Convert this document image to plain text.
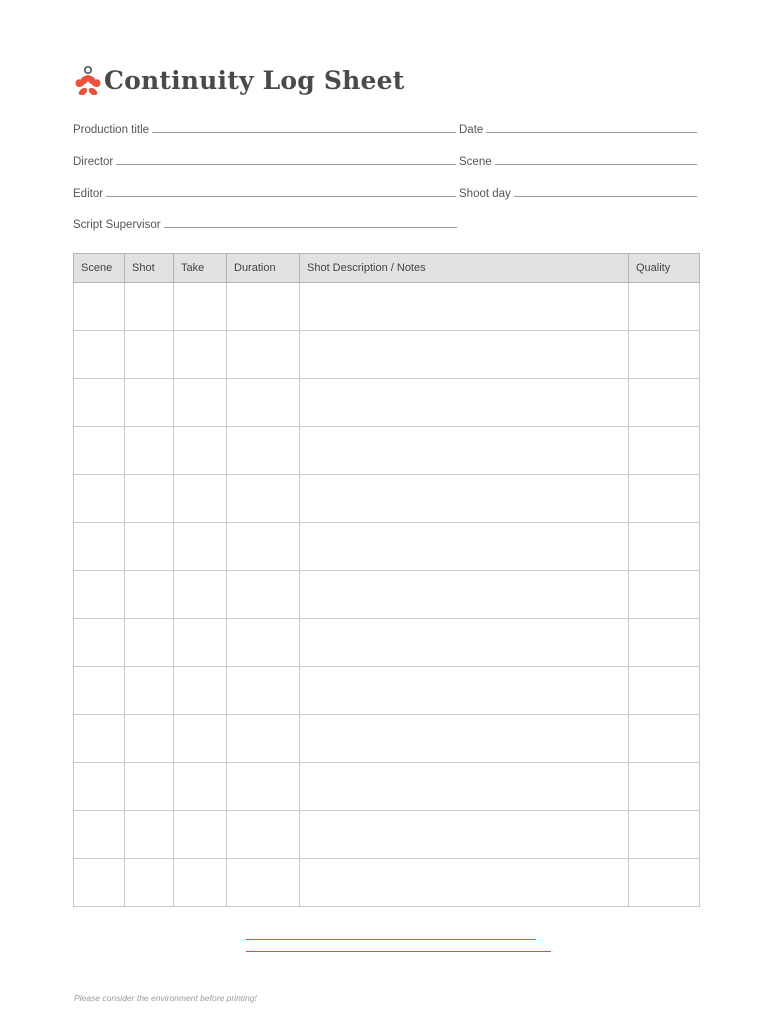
Continuity Log Sheet
Production title	Date
Director	Scene
Editor	Shoot day
Script Supervisor
Scene	Shot	Take	Duration	Shot Description / Notes	Quality

Please consider the environment before printing!
